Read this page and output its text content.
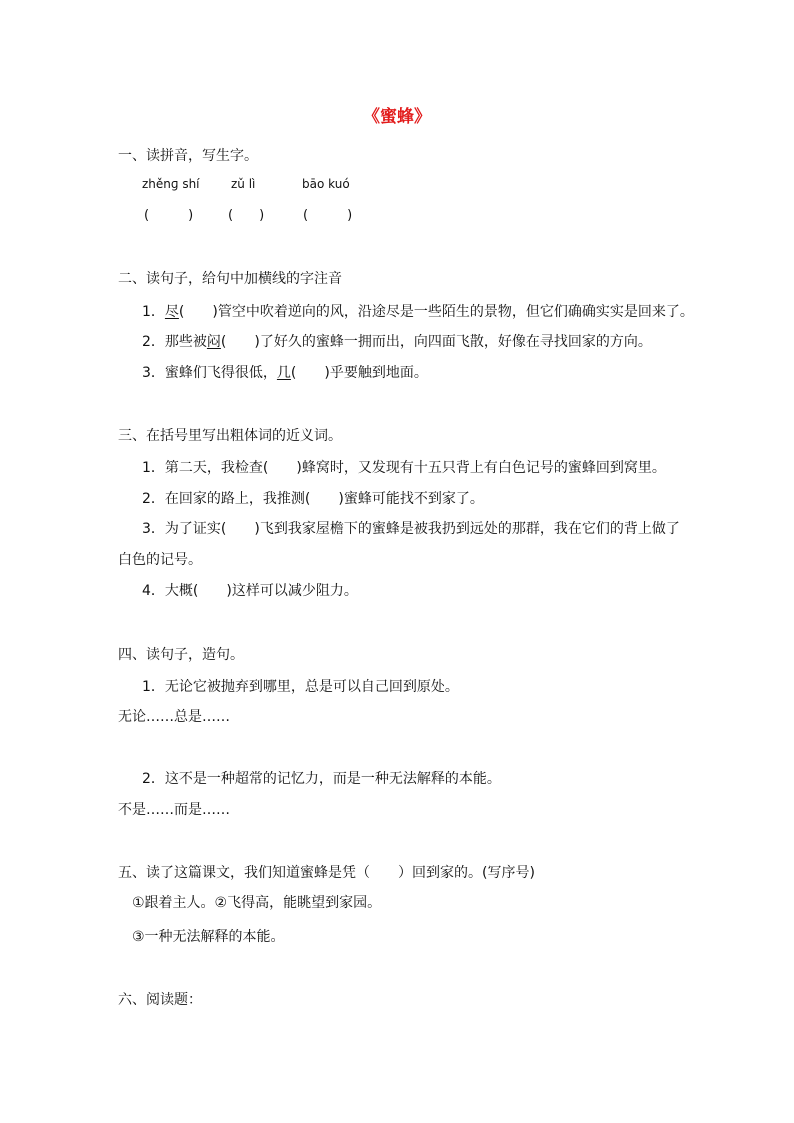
《蜜蜂》
一、读拼音，写生字。
zhěnɡ shí	zǔ lì	bāo kuó
(　　　)	(　　)	(　　　)
二、读句子，给句中加横线的字注音
1．尽(　　)管空中吹着逆向的风，沿途尽是一些陌生的景物，但它们确确实实是回来了。
2．那些被闷(　　)了好久的蜜蜂一拥而出，向四面飞散，好像在寻找回家的方向。
3．蜜蜂们飞得很低，几(　　)乎要触到地面。
三、在括号里写出粗体词的近义词。
1．第二天，我检查(　　)蜂窝时，又发现有十五只背上有白色记号的蜜蜂回到窝里。
2．在回家的路上，我推测(　　)蜜蜂可能找不到家了。
3．为了证实(　　)飞到我家屋檐下的蜜蜂是被我扔到远处的那群，我在它们的背上做了
白色的记号。
4．大概(　　)这样可以减少阻力。
四、读句子，造句。
1．无论它被抛弃到哪里，总是可以自己回到原处。
无论……总是……
2．这不是一种超常的记忆力，而是一种无法解释的本能。
不是……而是……
五、读了这篇课文，我们知道蜜蜂是凭（　　）回到家的。(写序号)
①跟着主人。②飞得高，能眺望到家园。
③一种无法解释的本能。
六、阅读题：
